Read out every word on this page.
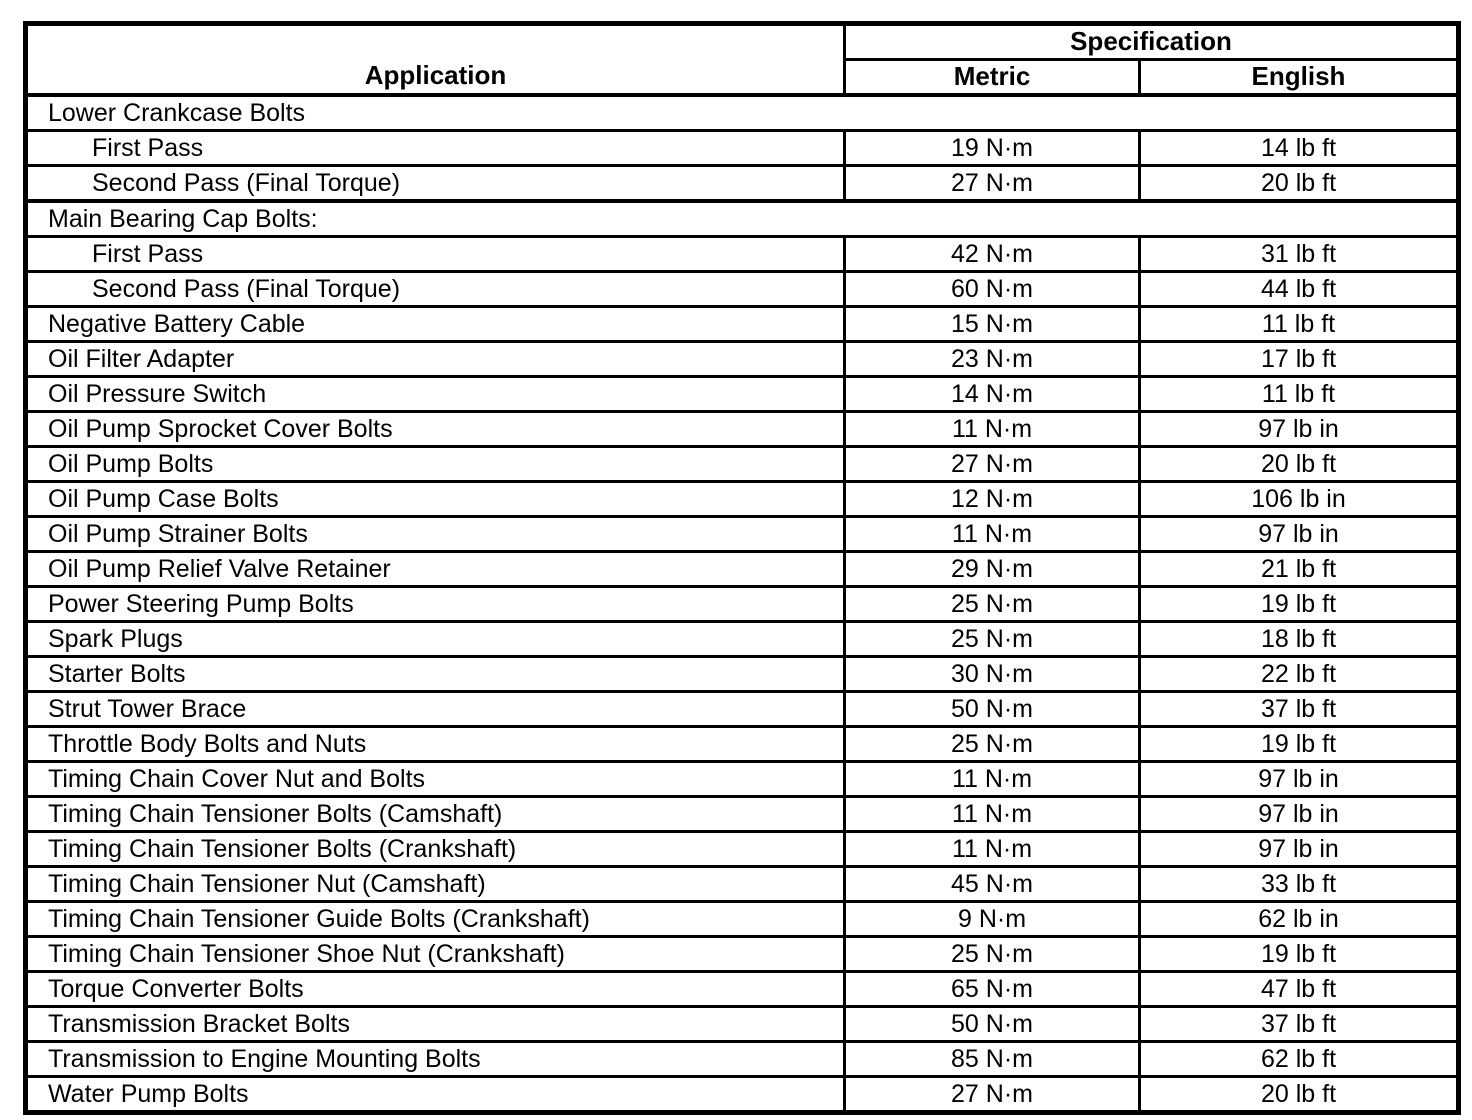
Application	Specification	
	Metric	English
Lower Crankcase Bolts		
First Pass	19 N·m	14 lb ft
Second Pass (Final Torque)	27 N·m	20 lb ft
Main Bearing Cap Bolts:		
First Pass	42 N·m	31 lb ft
Second Pass (Final Torque)	60 N·m	44 lb ft
Negative Battery Cable	15 N·m	11 lb ft
Oil Filter Adapter	23 N·m	17 lb ft
Oil Pressure Switch	14 N·m	11 lb ft
Oil Pump Sprocket Cover Bolts	11 N·m	97 lb in
Oil Pump Bolts	27 N·m	20 lb ft
Oil Pump Case Bolts	12 N·m	106 lb in
Oil Pump Strainer Bolts	11 N·m	97 lb in
Oil Pump Relief Valve Retainer	29 N·m	21 lb ft
Power Steering Pump Bolts	25 N·m	19 lb ft
Spark Plugs	25 N·m	18 lb ft
Starter Bolts	30 N·m	22 lb ft
Strut Tower Brace	50 N·m	37 lb ft
Throttle Body Bolts and Nuts	25 N·m	19 lb ft
Timing Chain Cover Nut and Bolts	11 N·m	97 lb in
Timing Chain Tensioner Bolts (Camshaft)	11 N·m	97 lb in
Timing Chain Tensioner Bolts (Crankshaft)	11 N·m	97 lb in
Timing Chain Tensioner Nut (Camshaft)	45 N·m	33 lb ft
Timing Chain Tensioner Guide Bolts (Crankshaft)	9 N·m	62 lb in
Timing Chain Tensioner Shoe Nut (Crankshaft)	25 N·m	19 lb ft
Torque Converter Bolts	65 N·m	47 lb ft
Transmission Bracket Bolts	50 N·m	37 lb ft
Transmission to Engine Mounting Bolts	85 N·m	62 lb ft
Water Pump Bolts	27 N·m	20 lb ft
